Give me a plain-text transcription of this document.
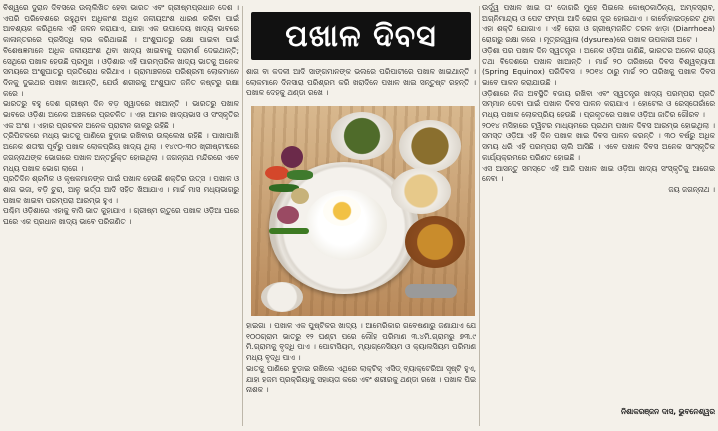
ବିଶ୍ୱରେ ଦୁରାନ ଦିବସରେ ଉଲ୍ଲିଖିତ ହେବା ଭାରତ ଏବଂ ଗ୍ରୀଷ୍ମପ୍ରଧାନ ଦେଶ । ଏପରି ପରିବେଶରେ ରହୁଥିବା ଅଧିକାଂଶ ଅଧିକ ଜଳୀୟଅଂଶ ଧାରଣ କରିବା ପାଇଁ ଆବଶ୍ୟକ କରିଥିଲେ ଏହି ଜଳନ କରାଯାଏ, ଯାହା ଏକ ଉପାଦେୟ ଖାଦ୍ୟ ଭାବରେ କାଳାନ୍ତରରେ ପ୍ରସିଦ୍ଧି ଲାଭ କରିଥାଇଛି । ଅଂଶୁଘାତରୁ ରକ୍ଷା ପାଇବା ପାଇଁ ବିଶେଷଜ୍ଞମାନେ ଅଧିକ ଜଳୀୟଅଂଶ ଥିବା ଖାଦ୍ୟ ଖାଇବାକୁ ପରାମର୍ଶ ଦେଇଥାନ୍ତି; ସେଥିରେ ପଖାଳ ହେଉଛି ପ୍ରମୁଖ । ଓଡ଼ିଶାର ଏହି ପାରମ୍ପରିକ ଖାଦ୍ୟ ଭାତକୁ ଅନେକ ସମୟରେ ଅଂଶୁଘାତରୁ ପ୍ରତିରୋଧ କରିଥାଏ । ଗ୍ରାମାଞ୍ଚଳରେ ପରିଶ୍ରମୀ ଲୋକମାନେ ଦିନକୁ ଦୁଇଥର ପଖାଳ ଖାଆନ୍ତି, ଯେଉଁ ଶରୀରକୁ ଅଂଶୁଘାତ ଜନିତ କଷ୍ଟରୁ ରକ୍ଷା କରେ ।

ଭାରତରୁ ବହୁ ଦେଶ ଗ୍ରୀଷ୍ମ ଦିନ ବଡ଼ ସ୍ୱାଦରେ ଖାଆନ୍ତି । ଭାରତରୁ ପଖାଳ ଭାବରେ ଓଡ଼ିଶା ଅନେକ ଅଞ୍ଚଳରେ ପ୍ରଚଳିତ । ଏହା ଆମର ଖାଦ୍ୟଭାସ ଓ ସଂସ୍କୃତିର ଏକ ଅଂଶ । ଏହାର ପ୍ରଚଳନ ଅନେକ ପ୍ରାଚୀନ କାଳରୁ ରହିଛି ।

ତ୍ରିପିଟକରେ ମଧ୍ୟ ଭାତକୁ ପାଣିରେ ବୁଡ଼ାଇ ରଖିବାର ଉଲ୍ଲେଖ ରହିଛି । ପାଖାପାଖି ଅନେକ ଶତାବ୍ଦୀ ପୂର୍ବରୁ ପଖାଳ ଲୋକପ୍ରିୟ ଖାଦ୍ୟ ଥିଲା । ୧୪୯୦-୩୦ ଖ୍ରୀଷ୍ଟାବ୍ଦରେ ଜଗନ୍ନାଥଙ୍କ ଭୋଗରେ ପଖାଳ ଅନ୍ତର୍ଭୁକ୍ତ ହୋଇଥିଲା । ଜଗନ୍ନାଥ ମନ୍ଦିରରେ ଏବେ ମଧ୍ୟ ପଖାଳ ଭୋଗ ଲାଗେ ।

ପ୍ରତିଦିନ ଶ୍ରମିକ ଓ କୃଷକମାନଙ୍କ ପାଇଁ ପଖାଳ ହେଉଛି ଶକ୍ତିର ଉତ୍ସ । ପଖାଳ ଓ ଶାଗ ଭଜା, ବଡ଼ି ଚୁରା, ଆଳୁ ଭର୍ତ୍ତା ଆଦି ସହିତ ଖିଆଯାଏ । ମାର୍ଚ୍ଚ ମାସ ମଧ୍ୟଭାଗରୁ ପଖାଳ ଖାଇବା ପରମ୍ପରା ଆରମ୍ଭ ହୁଏ ।

ପଶ୍ଚିମ ଓଡ଼ିଶାରେ ଏହାକୁ ବାସି ଭାତ କୁହାଯାଏ । ଗ୍ରୀଷ୍ମ ଋତୁରେ ପଖାଳ ଓଡ଼ିଆ ଘରେ ଘରେ ଏକ ପ୍ରଧାନ ଖାଦ୍ୟ ଭାବେ ପରିଗଣିତ ।

ପଖାଳ ଦିବସ
ଶାଗ ବା କଦଳୀ ଆଦି ସାଙ୍ଗମାନଙ୍କ ଭଲରେ ପରିପାଟୀରେ ପଖାଳ ଖାଇଥାନ୍ତି । ଲୋକମାନେ ଦିନସାରା ପରିଶ୍ରମ କରି ଖରାଦିନେ ପଖାଳ ଖାଇ ସନ୍ତୁଷ୍ଟ ରହନ୍ତି । ପଖାଳ ଦେହକୁ ଥଣ୍ଡା ରଖେ ।

ହାଇଗା । ପଖାଳ ଏକ ପୁଷ୍ଟିକର ଖାଦ୍ୟ । ଆମେରିକାର ଗବେଷଣାରୁ ଜଣାଯାଏ ଯେ ୧୦୦ଗ୍ରାମ ଭାତରୁ ୧୨ ଘଣ୍ଟା ପରେ ଲୌହ ପରିମାଣ ୩.୪ମି.ଗ୍ରାମରୁ ୭୩.୯ ମି.ଗ୍ରାମକୁ ବୃଦ୍ଧି ପାଏ । ପୋଟାସିୟମ, ମ୍ୟାଗ୍ନେସିୟମ ଓ କ୍ୟାଲସିୟମ ପରିମାଣ ମଧ୍ୟ ବୃଦ୍ଧି ପାଏ ।

ଭାତକୁ ପାଣିରେ ବୁଡ଼ାଇ ରଖିଲେ ଏଥିରେ ଲାକ୍ଟିକ୍ ଏସିଡ୍ ବ୍ୟାକ୍ଟେରିଆ ସୃଷ୍ଟି ହୁଏ, ଯାହା ହଜମ ପ୍ରକ୍ରିୟାକୁ ସହାୟତା କରେ ଏବଂ ଶରୀରକୁ ଥଣ୍ଡା ରଖେ । ପଖାଳ ପିଇ ନାଶକ ।

ଉର୍ଦ୍ଧ୍ୱ ପଖାଳ ଖାଇ ତା' ଦୋଗରି ମୁହେ ପିଇଲେ କୋଷ୍ଠକାଠିନ୍ୟ, ଅମ୍ଳସ୍ରାବ, ଅଗ୍ନିମାନ୍ଦ୍ୟ ଓ ପେଟ ଫମ୍ପା ଆଦି ରୋଗ ଦୂର ହୋଇଥାଏ । କାର୍ବୋହାଇଡ୍ରେଟ ଥିବା ଏହା ଶକ୍ତି ଯୋଗାଏ । ଏହି ରୋଗ ଓ ଗ୍ରୀଷ୍ମଜନିତ ତରଳ ଝାଡ଼ା (Diarrhoea) ରୋଗରୁ ରକ୍ଷା କରେ । ମୂତ୍ରଜ୍ୱାଳା (dysurea)ରେ ପଖାଳ ଉପକାରୀ ଅଟେ ।

ଓଡ଼ିଶା ପର ପଖାଳ ଦିନ ସ୍ୱତନ୍ତ୍ର । ଅନେକ ଓଡ଼ିଆ ଜାଣିଛି, ଭାରତର ଅନେକ ରାଜ୍ୟ ତଥା ବିଦେଶରେ ପଖାଳ ଖାଆନ୍ତି । ମାର୍ଚ୍ଚ ୨୦ ତାରିଖରେ ଦିବସ ବିଶ୍ୱବ୍ୟାପୀ (Spring Equinox) ପରିଦିବସ । ୨୦୧୪ ଠାରୁ ମାର୍ଚ୍ଚ ୨୦ ତାରିଖକୁ ପଖାଳ ଦିବସ ଭାବେ ପାଳନ କରାଯାଉଛି ।

ଓଡ଼ିଶାରେ ନିଜ ଅବସ୍ଥିତି ବଜାୟ ରଖିବା ଏବଂ ସ୍ୱତନ୍ତ୍ର ଖାଦ୍ୟ ପରମ୍ପରା ପ୍ରତି ସମ୍ମାନ ଦେବା ପାଇଁ ପଖାଳ ଦିବସ ପାଳନ କରାଯାଏ । ହୋଟେଲ ଓ ରେସ୍ତୋରାଁରେ ମଧ୍ୟ ପଖାଳ ଲୋକପ୍ରିୟ ହେଉଛି । ପ୍ରକୃତରେ ପଖାଳ ଓଡ଼ିଆ ଜାତିର ଗୌରବ ।

୨୦୧୪ ମସିହାରେ ଟ୍ୱିଟର ମାଧ୍ୟମରେ ପ୍ରଥମ ପଖାଳ ଦିବସ ଆରମ୍ଭ ହୋଇଥିଲା । ସମସ୍ତ ଓଡ଼ିଆ ଏହି ଦିନ ପଖାଳ ଖାଇ ଦିବସ ପାଳନ କରନ୍ତି । ୩୦ ବର୍ଷରୁ ଅଧିକ ସମୟ ଧରି ଏହି ପରମ୍ପରା ଚାଲି ଆସିଛି । ଏବେ ପଖାଳ ଦିବସ ଅନେକ ସାଂସ୍କୃତିକ କାର୍ଯ୍ୟକ୍ରମରେ ପରିଣତ ହୋଇଛି ।

ଏସ ଆସନ୍ତୁ ସମସ୍ତେ ଏହି ଆଜି ପଖାଳ ଖାଇ ଓଡ଼ିଆ ଖାଦ୍ୟ ସଂସ୍କୃତିକୁ ଆଗେଇ ନେବା ।

ଜୟ ଜଗନ୍ନାଥ ।

ନିଶାକରଞ୍ଜନ ଦାସ, ଭୁବନେଶ୍ୱର
